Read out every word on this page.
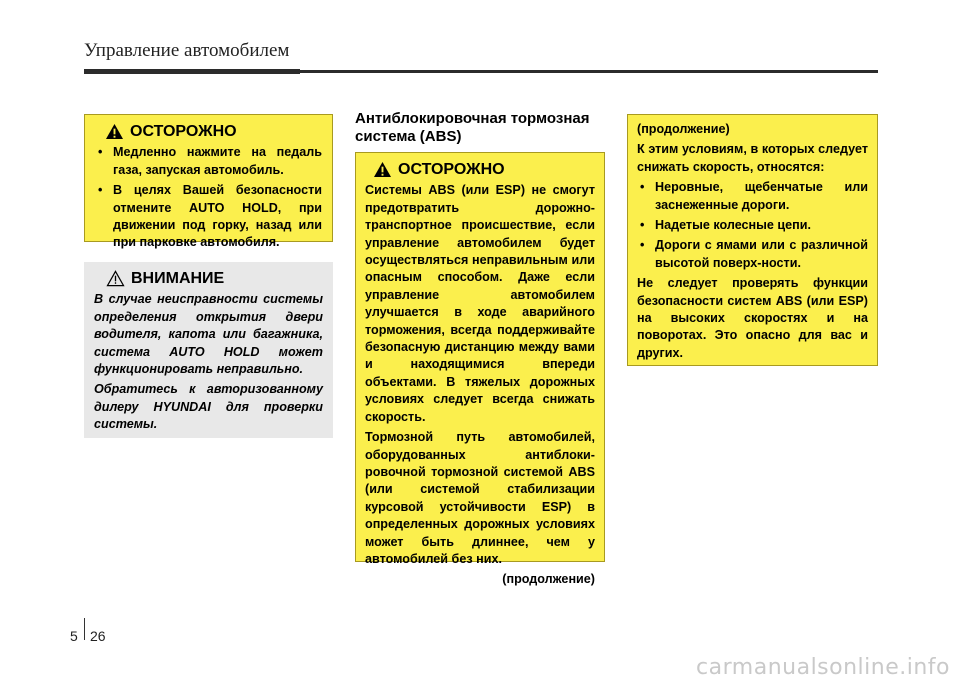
Управление автомобилем
ОСТОРОЖНО
• Медленно нажмите на педаль газа, запуская автомобиль.
• В целях Вашей безопасности отмените AUTO HOLD, при движении под горку, назад или при парковке автомобиля.
ВНИМАНИЕ

В случае неисправности системы определения открытия двери водителя, капота или багажника, система AUTO HOLD может функционировать неправильно.

Обратитесь к авторизованному дилеру HYUNDAI для проверки системы.

Антиблокировочная тормозная система (ABS)
ОСТОРОЖНО

Системы ABS (или ESP) не смогут предотвратить дорожно-транспортное происшествие, если управление автомобилем будет осуществляться неправильным или опасным способом. Даже если управление автомобилем улучшается в ходе аварийного торможения, всегда поддерживайте безопасную дистанцию между вами и находящимися впереди объектами. В тяжелых дорожных условиях следует всегда снижать скорость.

Тормозной путь автомобилей, оборудованных антиблоки-ровочной тормозной системой ABS (или системой стабилизации курсовой устойчивости ESP) в определенных дорожных условиях может быть длиннее, чем у автомобилей без них.

(продолжение)

(продолжение)

К этим условиям, в которых следует снижать скорость, относятся:

• Неровные, щебенчатые или заснеженные дороги.
• Надетые колесные цепи.
• Дороги с ямами или с различной высотой поверх-ности.

Не следует проверять функции безопасности систем ABS (или ESP) на высоких скоростях и на поворотах. Это опасно для вас и других.

5 26
carmanualsonline.info
